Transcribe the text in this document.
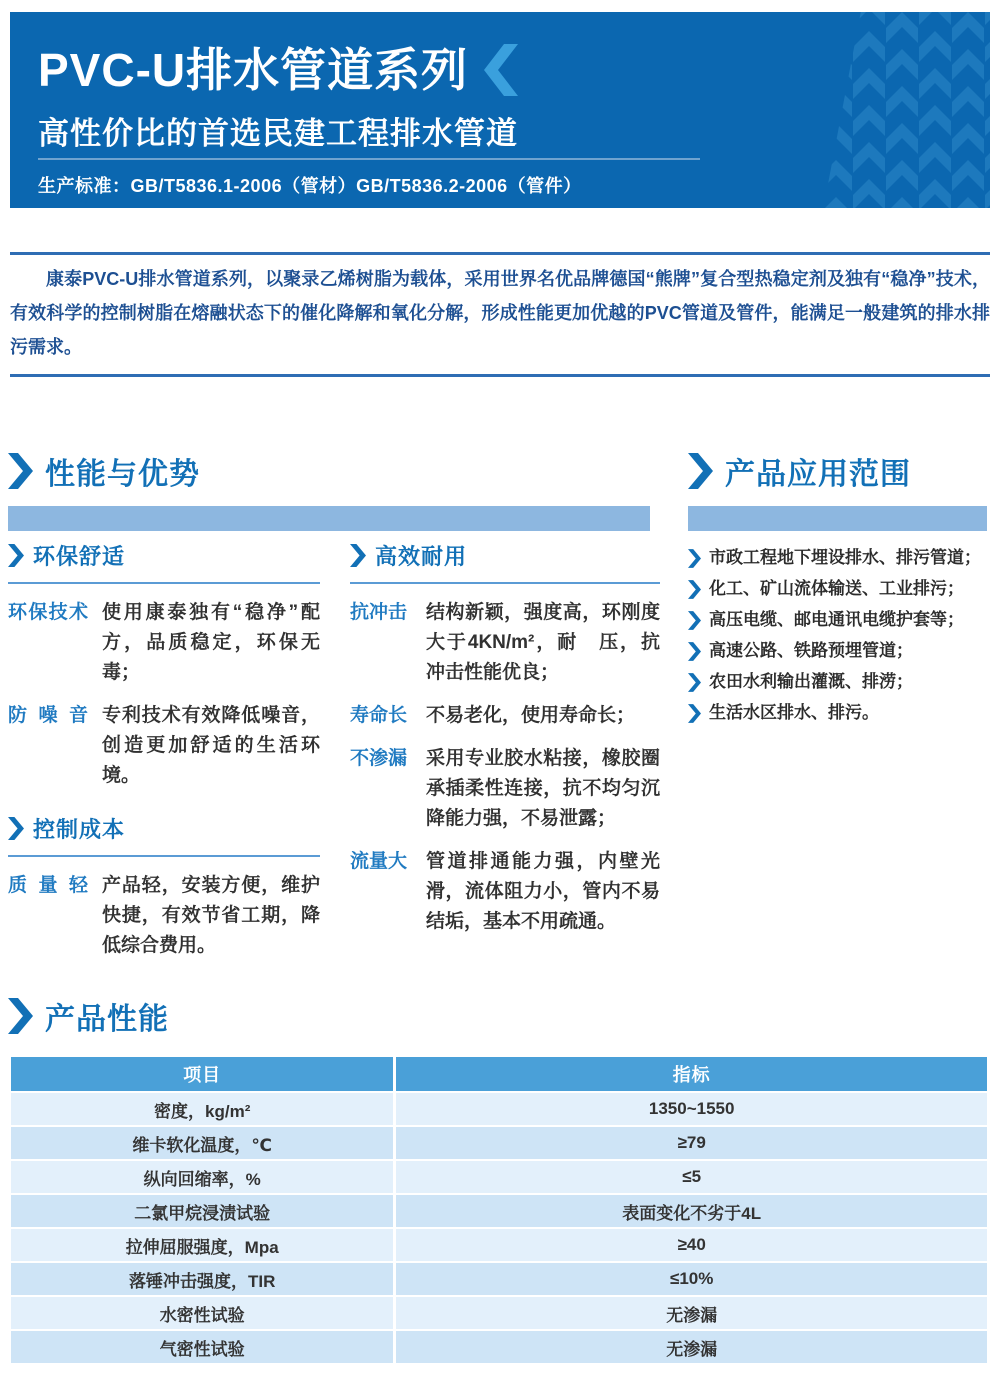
PVC-U排水管道系列
高性价比的首选民建工程排水管道
生产标准：GB/T5836.1-2006（管材）GB/T5836.2-2006（管件）

康泰PVC-U排水管道系列，以聚录乙烯树脂为载体，采用世界名优品牌德国“熊牌”复合型热稳定剂及独有“稳净”技术，有效科学的控制树脂在熔融状态下的催化降解和氧化分解，形成性能更加优越的PVC管道及管件，能满足一般建筑的排水排污需求。

性能与优势
环保舒适
环保技术 使用康泰独有“稳净”配方，品质稳定，环保无毒；
防噪音 专利技术有效降低噪音，创造更加舒适的生活环境。
控制成本
质量轻 产品轻，安装方便，维护快捷，有效节省工期，降低综合费用。
高效耐用
抗冲击 结构新颖，强度高，环刚度大于4KN/m²，耐　压，抗冲击性能优良；
寿命长 不易老化，使用寿命长；
不渗漏 采用专业胶水粘接，橡胶圈承插柔性连接，抗不均匀沉降能力强，不易泄露；
流量大 管道排通能力强，内壁光滑，流体阻力小，管内不易结垢，基本不用疏通。
产品应用范围
市政工程地下埋设排水、排污管道；
化工、矿山流体输送、工业排污；
高压电缆、邮电通讯电缆护套等；
高速公路、铁路预埋管道；
农田水利输出灌溉、排涝；
生活水区排水、排污。
产品性能
项目	指标
密度，kg/m²	1350~1550
维卡软化温度，℃	≥79
纵向回缩率，%	≤5
二氯甲烷浸渍试验	表面变化不劣于4L
拉伸屈服强度，Mpa	≥40
落锤冲击强度，TIR	≤10%
水密性试验	无渗漏
气密性试验	无渗漏
